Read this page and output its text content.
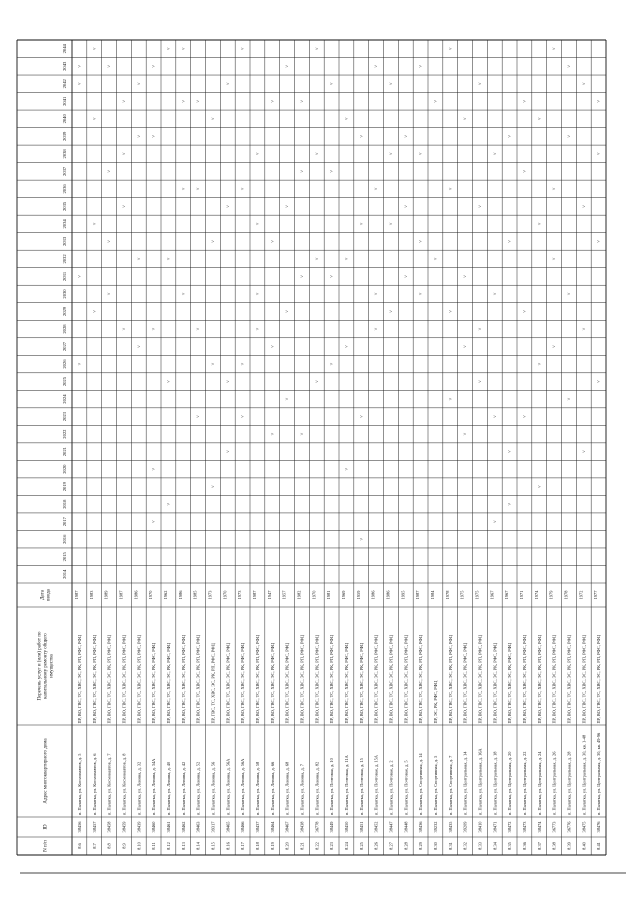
N п/п
ID
Адрес многоквартирного дома
Перечень услуг и (или) работ покапитальному ремонту общегоимущества
Датаввода
2014
2015
2016
2017
2018
2019
2020
2021
2022
2023
2024
2025
2026
2027
2028
2029
2030
2031
2032
2033
2034
2035
2036
2037
2038
2039
2040
2041
2042
2043
2044
8.6
38456
п. Палатка, ул. Космонавтов, д. 5
ПР, ВО, ГВС, ТС, ХВС, ЭС, РК, РП, РФС, РФЦ
1987
˅
˅
˅
˅
8.7
38457
п. Палатка, ул. Космонавтов, д. 6
ПР, ВО, ГВС, ТС, ХВС, ЭС, РК, РП, РФС, РФЦ
1983
˅
˅
˅
˅
8.8
38458
п. Палатка, ул. Космонавтов, д. 7
ПР, ВО, ГВС, ТС, ХВС, ЭС, РК, РП, РФС, РФЦ
1989
˅
˅
˅
˅
8.9
38459
п. Палатка, ул. Космонавтов, д. 8
ПР, ВО, ГВС, ТС, ХВС, ЭС, РК, РП, РФС, РФЦ
1987
˅
˅
˅
˅
8.10
38439
п. Палатка, ул. Ленина, д. 32
ПР, ВО, ГВС, ТС, ХВС, ЭС, РК, РП, РФС, РФЦ
1986
˅
˅
˅
˅
8.11
38460
п. Палатка, ул. Ленина, д. 34А
ПР, ВО, ГВС, ТС, ХВС, ЭС, РК, РФС, РФЦ
1970
˅
˅
˅
˅
˅
8.12
38461
п. Палатка, ул. Ленина, д. 40
ПР, ВО, ГВС, ТС, ХВС, ЭС, РК, РФС, РФЦ
1962
˅
˅
˅
˅
8.13
38462
п. Палатка, ул. Ленина, д. 42
ПР, ВО, ГВС, ТС, ХВС, ЭС, РК, РП, РФС, РФЦ
1986
˅
˅
˅
˅
8.14
38463
п. Палатка, ул. Ленина, д. 52
ПР, ВО, ГВС, ТС, ХВС, ЭС, РК, РП, РФС, РФЦ
1985
˅
˅
˅
˅
8.15
39317
п. Палатка, ул. Ленина, д. 56
ПР, ГВС, ТС, ХВС, ЭС, РК, РП, РФС, РФЦ
1973
˅
˅
˅
˅
8.16
38465
п. Палатка, ул. Ленина, д. 56А
ПР, ВО, ГВС, ТС, ХВС, ЭС, РК, РФС, РФЦ
1970
˅
˅
˅
˅
8.17
38466
п. Палатка, ул. Ленина, д. 56А
ПР, ВО, ГВС, ТС, ХВС, ЭС, РК, РФС, РФЦ
1973
˅
˅
˅
˅
8.18
38437
п. Палатка, ул. Ленина, д. 58
ПР, ВО, ГВС, ТС, ХВС, ЭС, РК, РП, РФС, РФЦ
1987
˅
˅
˅
˅
8.19
38464
п. Палатка, ул. Ленина, д. 66
ПР, ВО, ГВС, ТС, ХВС, ЭС, РК, РФС, РФЦ
1947
˅
˅
˅
˅
8.20
38467
п. Палатка, ул. Ленина, д. 68
ПР, ВО, ГВС, ТС, ХВС, ЭС, РК, РФС, РФЦ
1957
˅
˅
˅
˅
8.21
38438
п. Палатка, ул. Ленина, д. 7
ПР, ВО, ГВС, ТС, ХВС, ЭС, РК, РП, РФС, РФЦ
1982
˅
˅
˅
˅
8.22
36778
п. Палатка, ул. Ленина, д. 82
ПР, ВО, ГВС, ТС, ХВС, ЭС, РК, РП, РФС, РФЦ
1970
˅
˅
˅
˅
8.23
38449
п. Палатка, ул. Почтовая, д. 10
ПР, ВО, ГВС, ТС, ХВС, ЭС, РК, РП, РФС, РФЦ
1981
˅
˅
˅
˅
8.24
38450
п. Палатка, ул. Почтовая, д. 11А
ПР, ВО, ГВС, ТС, ХВС, ЭС, РК, РФС, РФЦ
1969
˅
˅
˅
˅
8.25
38451
п. Палатка, ул. Почтовая, д. 15
ПР, ВО, ГВС, ТС, ХВС, ЭС, РК, РФС, РФЦ
1959
˅
˅
˅
˅
8.26
38452
п. Палатка, ул. Почтовая, д. 15А
ПР, ВО, ГВС, ТС, ХВС, ЭС, РК, РП, РФС, РФЦ
1986
˅
˅
˅
˅
8.27
38447
п. Палатка, ул. Почтовая, д. 2
ПР, ВО, ГВС, ТС, ХВС, ЭС, РК, РП, РФС, РФЦ
1986
˅
˅
˅
˅
8.28
38448
п. Палатка, ул. Почтовая, д. 5
ПР, ВО, ГВС, ТС, ХВС, ЭС, РК, РП, РФС, РФЦ
1995
˅
˅
˅
8.29
38436
п. Палатка, ул. Спортивная, д. 14
ПР, ВО, ГВС, ТС, ХВС, ЭС, РК, РП, РФС, РФЦ
1987
˅
˅
˅
˅
8.30
39232
п. Палатка, ул. Спортивная, д. 5
ПР, ЭС, РК, РФС, РФЦ
1984
˅
˅
8.31
38435
п. Палатка, ул. Спортивная, д. 7
ПР, ВО, ГВС, ТС, ХВС, ЭС, РК, РП, РФС, РФЦ
1978
˅
˅
˅
˅
8.32
39209
п. Палатка, ул. Центральная, д. 14
ПР, ВО, ГВС, ТС, ХВС, ЭС, РК, РФС, РФЦ
1975
˅
˅
˅
˅
8.33
38410
п. Палатка, ул. Центральная, д. 16А
ПР, ВО, ГВС, ТС, ХВС, ЭС, РК, РП, РФС, РФЦ
1975
˅
˅
˅
˅
8.34
38471
п. Палатка, ул. Центральная, д. 18
ПР, ВО, ГВС, ТС, ХВС, ЭС, РК, РФС, РФЦ
1967
˅
˅
˅
˅
8.35
38472
п. Палатка, ул. Центральная, д. 20
ПР, ВО, ГВС, ТС, ХВС, ЭС, РК, РФС, РФЦ
1967
˅
˅
˅
˅
8.36
38473
п. Палатка, ул. Центральная, д. 22
ПР, ВО, ГВС, ТС, ХВС, ЭС, РК, РП, РФС, РФЦ
1971
˅
˅
˅
˅
8.37
38474
п. Палатка, ул. Центральная, д. 24
ПР, ВО, ГВС, ТС, ХВС, ЭС, РК, РП, РФС, РФЦ
1974
˅
˅
˅
˅
8.38
36773
п. Палатка, ул. Центральная, д. 26
ПР, ВО, ГВС, ТС, ХВС, ЭС, РК, РП, РФС, РФЦ
1979
˅
˅
˅
˅
8.39
36776
п. Палатка, ул. Центральная, д. 28
ПР, ВО, ГВС, ТС, ХВС, ЭС, РК, РП, РФС, РФЦ
1978
˅
˅
˅
˅
8.40
38475
п. Палатка, ул. Центральная, д. 30, кв. 1-48
ПР, ВО, ГВС, ТС, ХВС, ЭС, РК, РП, РФС, РФЦ
1972
˅
˅
˅
˅
8.41
38476
п. Палатка, ул. Центральная, д. 30, кв. 49-96
ПР, ВО, ГВС, ТС, ХВС, ЭС, РК, РП, РФС, РФЦ
1977
˅
˅
˅
˅
